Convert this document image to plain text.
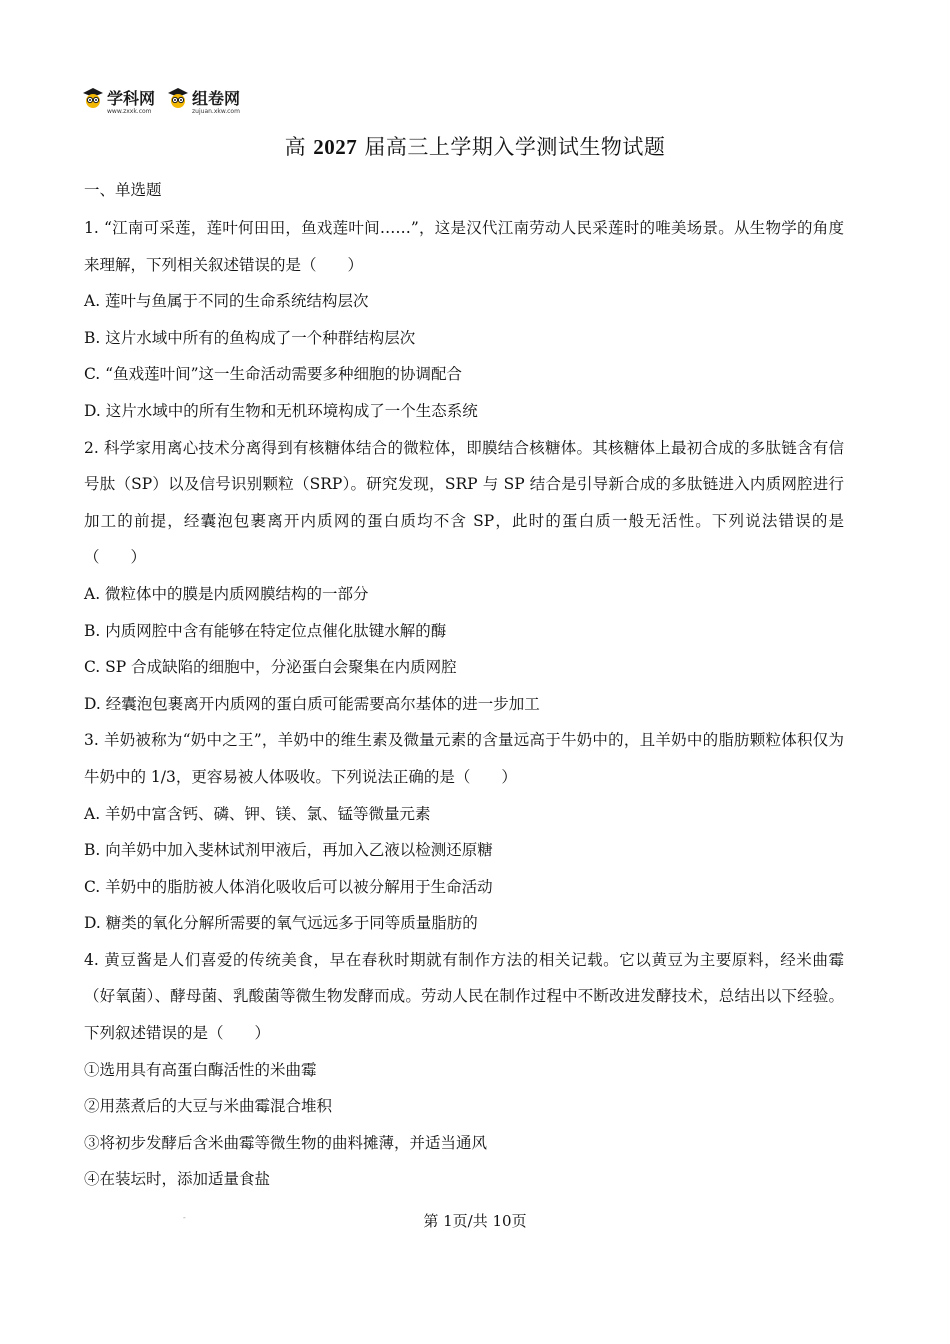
学科网
www.zxxk.com
组卷网
zujuan.xkw.com
高 2027 届高三上学期入学测试生物试题
一、单选题

1. “江南可采莲，莲叶何田田，鱼戏莲叶间……”，这是汉代江南劳动人民采莲时的唯美场景。从生物学的角度来理解，下列相关叙述错误的是（　　）

A. 莲叶与鱼属于不同的生命系统结构层次

B. 这片水域中所有的鱼构成了一个种群结构层次

C. “鱼戏莲叶间”这一生命活动需要多种细胞的协调配合

D. 这片水域中的所有生物和无机环境构成了一个生态系统

2. 科学家用离心技术分离得到有核糖体结合的微粒体，即膜结合核糖体。其核糖体上最初合成的多肽链含有信号肽（SP）以及信号识别颗粒（SRP）。研究发现，SRP 与 SP 结合是引导新合成的多肽链进入内质网腔进行加工的前提，经囊泡包裹离开内质网的蛋白质均不含 SP，此时的蛋白质一般无活性。下列说法错误的是（　　）

A. 微粒体中的膜是内质网膜结构的一部分

B. 内质网腔中含有能够在特定位点催化肽键水解的酶

C. SP 合成缺陷的细胞中，分泌蛋白会聚集在内质网腔

D. 经囊泡包裹离开内质网的蛋白质可能需要高尔基体的进一步加工

3. 羊奶被称为“奶中之王”，羊奶中的维生素及微量元素的含量远高于牛奶中的，且羊奶中的脂肪颗粒体积仅为牛奶中的 1/3，更容易被人体吸收。下列说法正确的是（　　）

A. 羊奶中富含钙、磷、钾、镁、氯、锰等微量元素

B. 向羊奶中加入斐林试剂甲液后，再加入乙液以检测还原糖

C. 羊奶中的脂肪被人体消化吸收后可以被分解用于生命活动

D. 糖类的氧化分解所需要的氧气远远多于同等质量脂肪的

4. 黄豆酱是人们喜爱的传统美食，早在春秋时期就有制作方法的相关记载。它以黄豆为主要原料，经米曲霉（好氧菌）、酵母菌、乳酸菌等微生物发酵而成。劳动人民在制作过程中不断改进发酵技术，总结出以下经验。下列叙述错误的是（　　）

①选用具有高蛋白酶活性的米曲霉

②用蒸煮后的大豆与米曲霉混合堆积

③将初步发酵后含米曲霉等微生物的曲料摊薄，并适当通风

④在装坛时，添加适量食盐

-	第 1页/共 10页
